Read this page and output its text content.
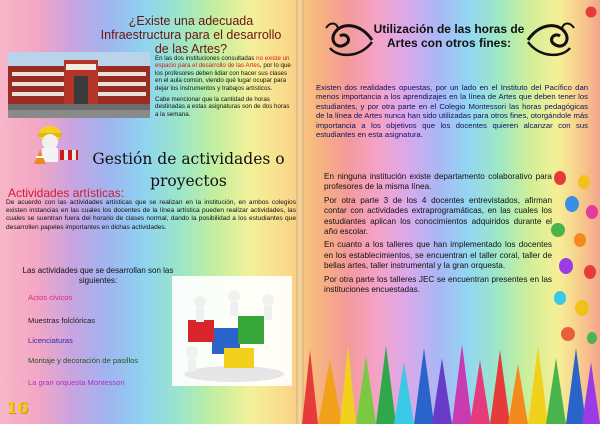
¿Existe una adecuada Infraestructura para el desarrollo de las Artes?

En las dos instituciones consultadas no existe un espacio para el desarrollo de las Artes, por lo que los profesores deben lidiar con hacer sus clases en el aula común, viendo qué lugar ocupar para dejar los instrumentos y trabajos artísticos.

Cabe mencionar que la cantidad de horas destinadas a estas asignaturas son de dos horas a la semana.

Gestión de actividades o proyectos
Actividades artísticas:
De acuerdo con las actividades artísticas que se realizan en la institución, en ambos colegios existen instancias en las cuales los docentes de la línea artística pueden realizar actividades, las cuales se suentran fuera del horario de clases normal, dando la posibilidad a los estudiantes que desarrollen papeles importantes en dichas actividades.
Las actividades que se desarrollan son las siguientes:
Actos cívicos
Muestras folclóricas
Licenciaturas
Montaje y decoración de pasillos
La gran orquesta Montessori
16
Utilización de las horas de
Artes con otros fines:
Existen dos realidades opuestas, por un lado en el Instituto del Pacífico dan menos importancia a los aprendizajes en la línea de Artes que deben tener los estudiantes, y por otra parte en el Colegio Montessori las horas pedagógicas de la línea de Artes nunca han sido utilizadas para otros fines, otorgándole más importancia a los objetivos que los docentes quieren alcanzar con sus estudiantes en esta asignatura.

En ninguna institución existe departamento colaborativo para profesores de la misma línea.

Por otra parte 3 de los 4 docentes entrevistados, afirman contar con actividades extraprogramáticas, en las cuales los estudiantes aplican los conocimientos adquiridos durante el año escolar.

En cuanto a los talleres que han implementado los docentes en los establecimientos, se encuentran el taller coral, taller de bellas artes, taller instrumental y la gran orquesta.

Por otra parte los talleres JEC se encuentran presentes en las instituciones encuestadas.
